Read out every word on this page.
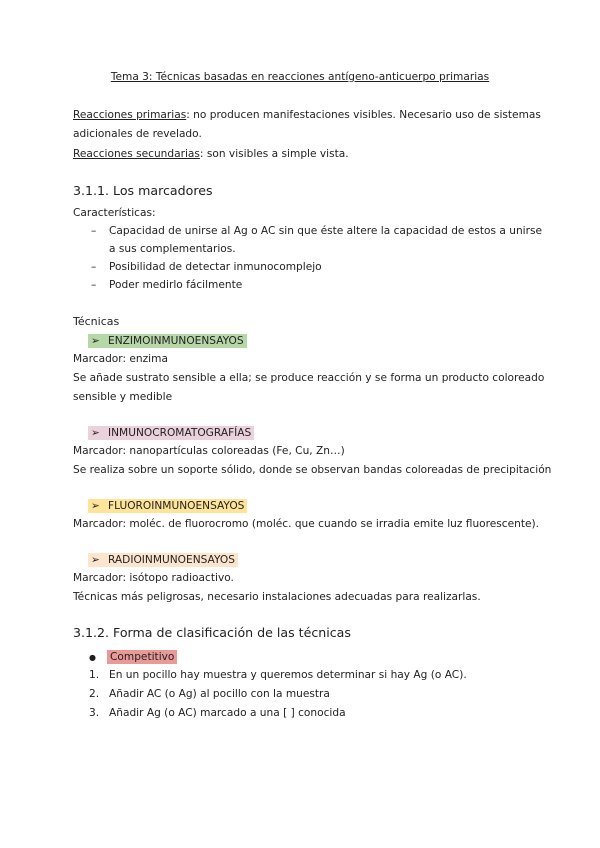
Tema 3: Técnicas basadas en reacciones antígeno-anticuerpo primarias
Reacciones primarias: no producen manifestaciones visibles. Necesario uso de sistemas
adicionales de revelado.
Reacciones secundarias: son visibles a simple vista.
3.1.1. Los marcadores
Características:
– Capacidad de unirse al Ag o AC sin que éste altere la capacidad de estos a unirse
a sus complementarios.
– Posibilidad de detectar inmunocomplejo
– Poder medirlo fácilmente
Técnicas
➢ ENZIMOINMUNOENSAYOS
Marcador: enzima
Se añade sustrato sensible a ella; se produce reacción y se forma un producto coloreado
sensible y medible
➢ INMUNOCROMATOGRAFÍAS
Marcador: nanopartículas coloreadas (Fe, Cu, Zn…)
Se realiza sobre un soporte sólido, donde se observan bandas coloreadas de precipitación
➢ FLUOROINMUNOENSAYOS
Marcador: moléc. de fluorocromo (moléc. que cuando se irradia emite luz fluorescente).
➢ RADIOINMUNOENSAYOS
Marcador: isótopo radioactivo.
Técnicas más peligrosas, necesario instalaciones adecuadas para realizarlas.
3.1.2. Forma de clasificación de las técnicas
● Competitivo
1. En un pocillo hay muestra y queremos determinar si hay Ag (o AC).
2. Añadir AC (o Ag) al pocillo con la muestra
3. Añadir Ag (o AC) marcado a una [ ] conocida
